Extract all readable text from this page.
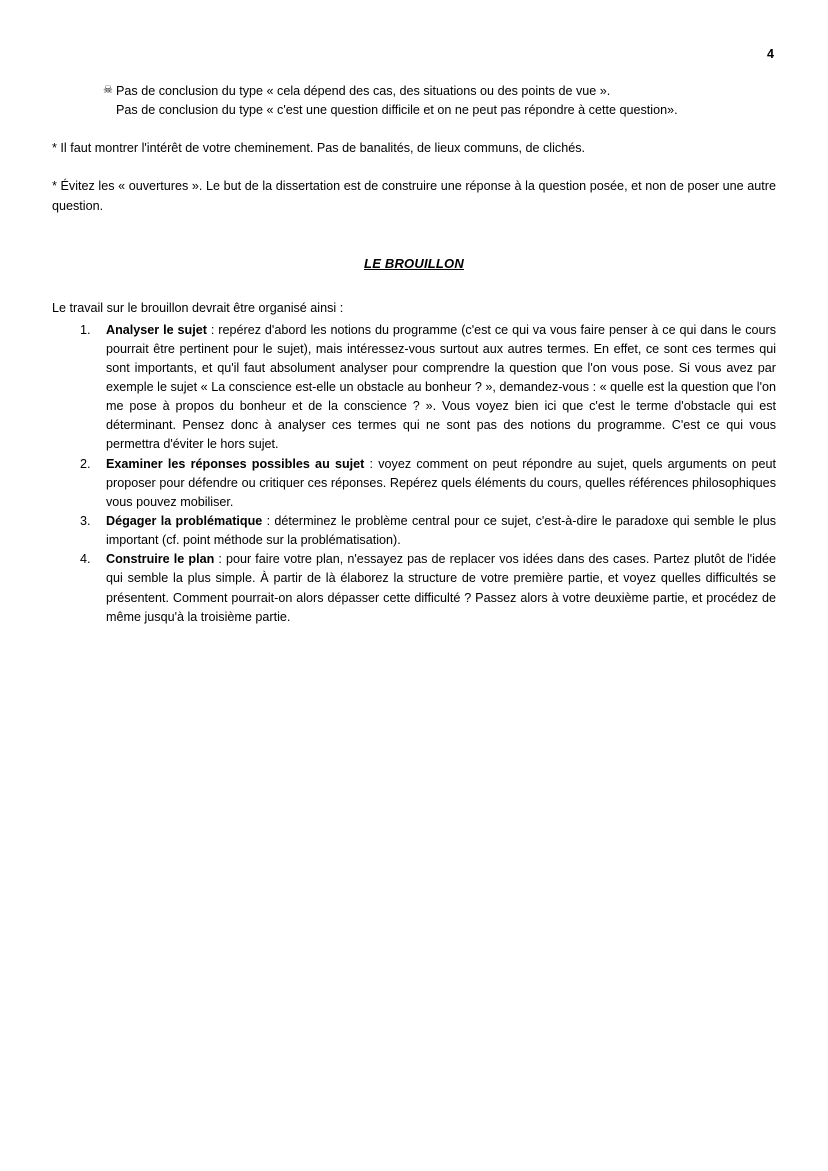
4

☠ Pas de conclusion du type « cela dépend des cas, des situations ou des points de vue ».

Pas de conclusion du type « c'est une question difficile et on ne peut pas répondre à cette question».

* Il faut montrer l'intérêt de votre cheminement. Pas de banalités, de lieux communs, de clichés.

* Évitez les « ouvertures ». Le but de la dissertation est de construire une réponse à la question posée, et non de poser une autre question.

LE BROUILLON

Le travail sur le brouillon devrait être organisé ainsi :

Analyser le sujet : repérez d'abord les notions du programme (c'est ce qui va vous faire penser à ce qui dans le cours pourrait être pertinent pour le sujet), mais intéressez-vous surtout aux autres termes. En effet, ce sont ces termes qui sont importants, et qu'il faut absolument analyser pour comprendre la question que l'on vous pose. Si vous avez par exemple le sujet « La conscience est-elle un obstacle au bonheur ? », demandez-vous : « quelle est la question que l'on me pose à propos du bonheur et de la conscience ? ». Vous voyez bien ici que c'est le terme d'obstacle qui est déterminant. Pensez donc à analyser ces termes qui ne sont pas des notions du programme. C'est ce qui vous permettra d'éviter le hors sujet.
Examiner les réponses possibles au sujet : voyez comment on peut répondre au sujet, quels arguments on peut proposer pour défendre ou critiquer ces réponses. Repérez quels éléments du cours, quelles références philosophiques vous pouvez mobiliser.
Dégager la problématique : déterminez le problème central pour ce sujet, c'est-à-dire le paradoxe qui semble le plus important (cf. point méthode sur la problématisation).
Construire le plan : pour faire votre plan, n'essayez pas de replacer vos idées dans des cases. Partez plutôt de l'idée qui semble la plus simple. À partir de là élaborez la structure de votre première partie, et voyez quelles difficultés se présentent. Comment pourrait-on alors dépasser cette difficulté ? Passez alors à votre deuxième partie, et procédez de même jusqu'à la troisième partie.
